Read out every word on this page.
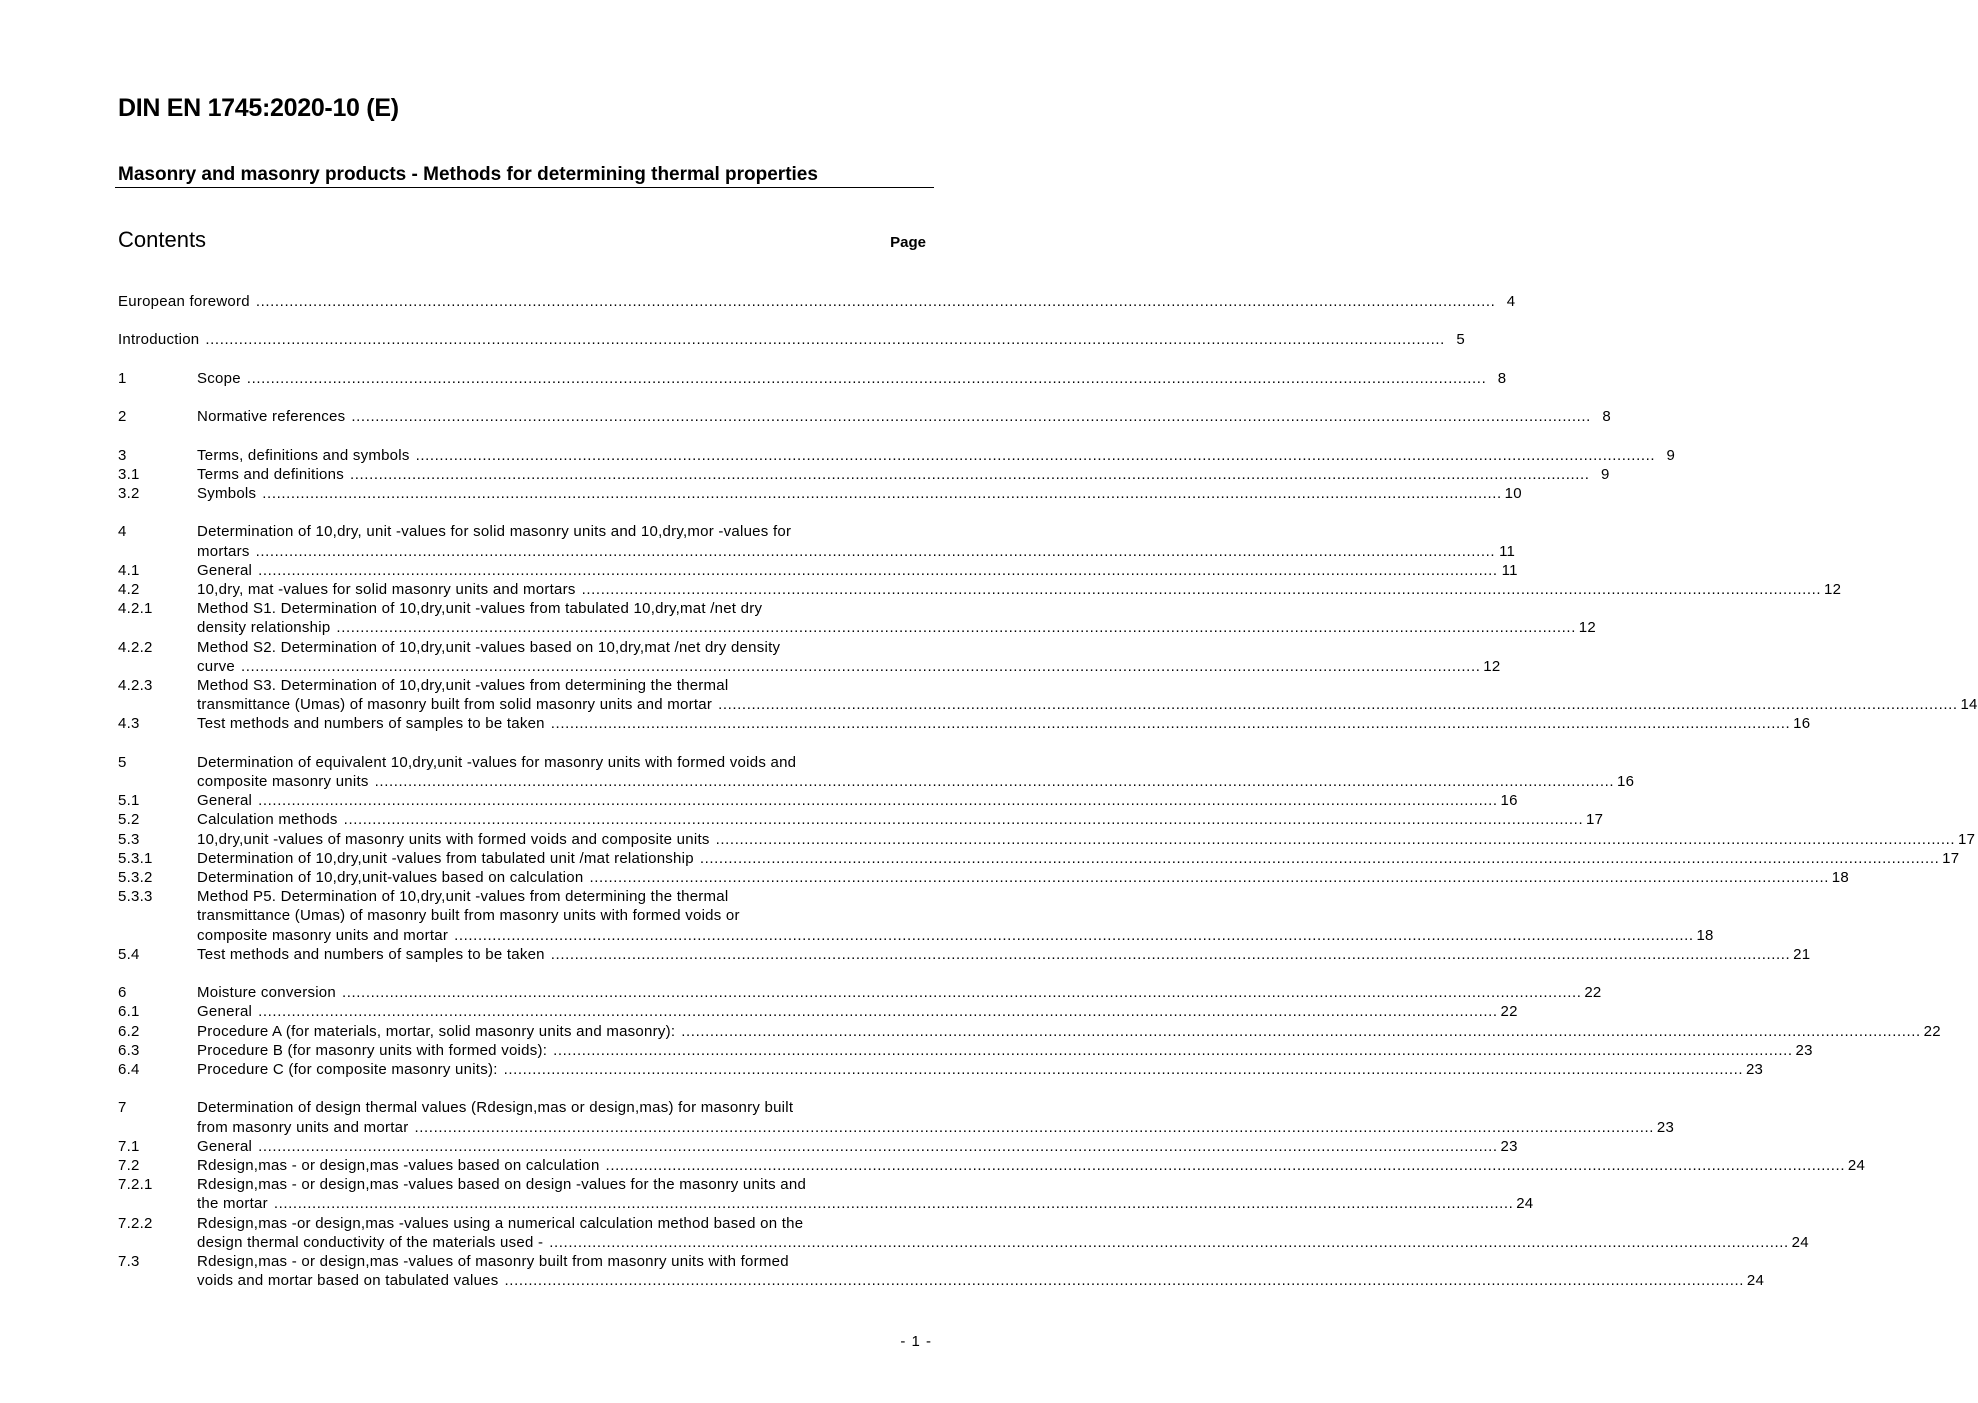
DIN EN 1745:2020-10 (E)
Masonry and masonry products - Methods for determining thermal properties
Contents	Page
European foreword .................................................................................................................................................................................................................................................................... 4
Introduction .................................................................................................................................................................................................................................................................... 5
1	Scope .................................................................................................................................................................................................................................................................... 8
2	Normative references .................................................................................................................................................................................................................................................................... 8
3	Terms, definitions and symbols .................................................................................................................................................................................................................................................................... 9
3.1	Terms and definitions .................................................................................................................................................................................................................................................................... 9
3.2	Symbols .................................................................................................................................................................................................................................................................... 10
4	Determination of 10,dry, unit -values for solid masonry units and 10,dry,mor -values for
mortars .................................................................................................................................................................................................................................................................... 11
4.1	General .................................................................................................................................................................................................................................................................... 11
4.2	10,dry, mat -values for solid masonry units and mortars .................................................................................................................................................................................................................................................................... 12
4.2.1	Method S1. Determination of 10,dry,unit -values from tabulated 10,dry,mat /net dry
density relationship .................................................................................................................................................................................................................................................................... 12
4.2.2	Method S2. Determination of 10,dry,unit -values based on 10,dry,mat /net dry density
curve .................................................................................................................................................................................................................................................................... 12
4.2.3	Method S3. Determination of 10,dry,unit -values from determining the thermal
transmittance (Umas) of masonry built from solid masonry units and mortar .................................................................................................................................................................................................................................................................... 14
4.3	Test methods and numbers of samples to be taken .................................................................................................................................................................................................................................................................... 16
5	Determination of equivalent 10,dry,unit -values for masonry units with formed voids and
composite masonry units .................................................................................................................................................................................................................................................................... 16
5.1	General .................................................................................................................................................................................................................................................................... 16
5.2	Calculation methods .................................................................................................................................................................................................................................................................... 17
5.3	10,dry,unit -values of masonry units with formed voids and composite units .................................................................................................................................................................................................................................................................... 17
5.3.1	Determination of 10,dry,unit -values from tabulated unit /mat relationship .................................................................................................................................................................................................................................................................... 17
5.3.2	Determination of 10,dry,unit-values based on calculation .................................................................................................................................................................................................................................................................... 18
5.3.3	Method P5. Determination of 10,dry,unit -values from determining the thermal
transmittance (Umas) of masonry built from masonry units with formed voids or
composite masonry units and mortar .................................................................................................................................................................................................................................................................... 18
5.4	Test methods and numbers of samples to be taken .................................................................................................................................................................................................................................................................... 21
6	Moisture conversion .................................................................................................................................................................................................................................................................... 22
6.1	General .................................................................................................................................................................................................................................................................... 22
6.2	Procedure A (for materials, mortar, solid masonry units and masonry): .................................................................................................................................................................................................................................................................... 22
6.3	Procedure B (for masonry units with formed voids): .................................................................................................................................................................................................................................................................... 23
6.4	Procedure C (for composite masonry units): .................................................................................................................................................................................................................................................................... 23
7	Determination of design thermal values (Rdesign,mas or design,mas) for masonry built
from masonry units and mortar .................................................................................................................................................................................................................................................................... 23
7.1	General .................................................................................................................................................................................................................................................................... 23
7.2	Rdesign,mas - or design,mas -values based on calculation .................................................................................................................................................................................................................................................................... 24
7.2.1	Rdesign,mas - or design,mas -values based on design -values for the masonry units and
the mortar .................................................................................................................................................................................................................................................................... 24
7.2.2	Rdesign,mas -or design,mas -values using a numerical calculation method based on the
design thermal conductivity of the materials used - .................................................................................................................................................................................................................................................................... 24
7.3	Rdesign,mas - or design,mas -values of masonry built from masonry units with formed
voids and mortar based on tabulated values .................................................................................................................................................................................................................................................................... 24
- 1 -
